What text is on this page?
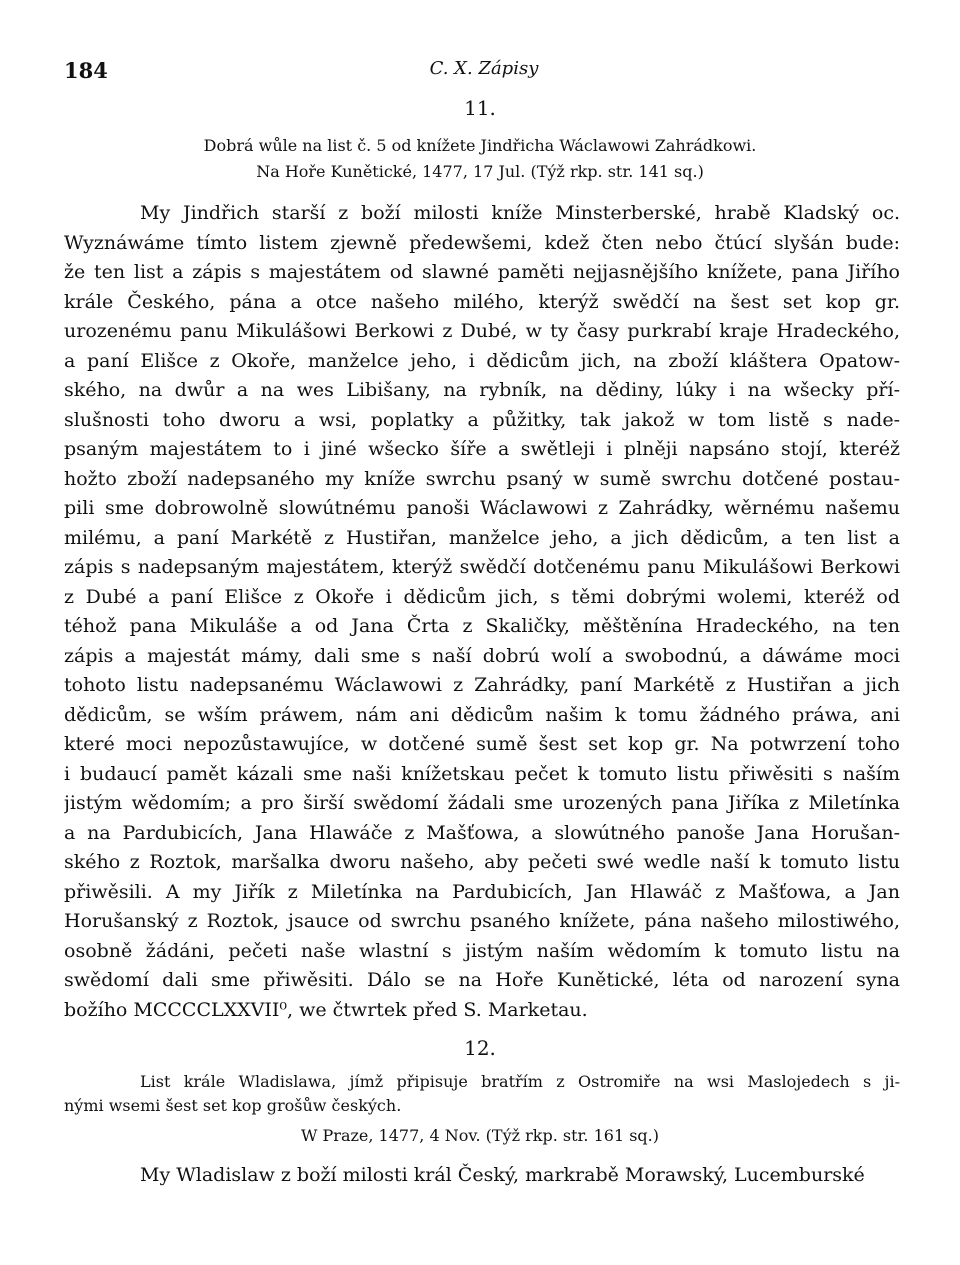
184	C. X. Zápisy
11.
Dobrá wůle na list č. 5 od knížete Jindřicha Wáclawowi Zahrádkowi.
Na Hoře Kunětické, 1477, 17 Jul. (Týž rkp. str. 141 sq.)
My Jindřich starší z boží milosti kníže Minsterberské, hrabě Kladský oc.
Wyznáwáme tímto listem zjewně předewšemi, kdež čten nebo čtúcí slyšán bude:
že ten list a zápis s majestátem od slawné paměti nejjasnějšího knížete, pana Jiřího
krále Českého, pána a otce našeho milého, kterýž swědčí na šest set kop gr.
urozenému panu Mikulášowi Berkowi z Dubé, w ty časy purkrabí kraje Hradeckého,
a paní Elišce z Okoře, manželce jeho, i dědicům jich, na zboží kláštera Opatow-
ského, na dwůr a na wes Libišany, na rybník, na dědiny, lúky i na wšecky pří-
slušnosti toho dworu a wsi, poplatky a půžitky, tak jakož w tom listě s nade-
psaným majestátem to i jiné wšecko šíře a swětleji i plněji napsáno stojí, kteréž
hožto zboží nadepsaného my kníže swrchu psaný w sumě swrchu dotčené postau-
pili sme dobrowolně slowútnému panoši Wáclawowi z Zahrádky, wěrnému našemu
milému, a paní Markétě z Hustiřan, manželce jeho, a jich dědicům, a ten list a
zápis s nadepsaným majestátem, kterýž swědčí dotčenému panu Mikulášowi Berkowi
z Dubé a paní Elišce z Okoře i dědicům jich, s těmi dobrými wolemi, kteréž od
téhož pana Mikuláše a od Jana Črta z Skaličky, měštěnína Hradeckého, na ten
zápis a majestát mámy, dali sme s naší dobrú wolí a swobodnú, a dáwáme moci
tohoto listu nadepsanému Wáclawowi z Zahrádky, paní Markétě z Hustiřan a jich
dědicům, se wším práwem, nám ani dědicům našim k tomu žádného práwa, ani
které moci nepozůstawujíce, w dotčené sumě šest set kop gr. Na potwrzení toho
i budaucí pamět kázali sme naši knížetskau pečet k tomuto listu přiwěsiti s naším
jistým wědomím; a pro širší swědomí žádali sme urozených pana Jiříka z Miletínka
a na Pardubicích, Jana Hlawáče z Mašťowa, a slowútného panoše Jana Horušan-
ského z Roztok, maršalka dworu našeho, aby pečeti swé wedle naší k tomuto listu
přiwěsili. A my Jiřík z Miletínka na Pardubicích, Jan Hlawáč z Mašťowa, a Jan
Horušanský z Roztok, jsauce od swrchu psaného knížete, pána našeho milostiwého,
osobně žádáni, pečeti naše wlastní s jistým naším wědomím k tomuto listu na
swědomí dali sme přiwěsiti. Dálo se na Hoře Kunětické, léta od narození syna
božího MCCCCLXXVII⁰, we čtwrtek před S. Marketau.
12.
List krále Wladislawa, jímž připisuje bratřím z Ostromiře na wsi Maslojedech s ji-
nými wsemi šest set kop grošůw českých.
W Praze, 1477, 4 Nov. (Týž rkp. str. 161 sq.)
My Wladislaw z boží milosti král Český, markrabě Morawský, Lucemburské
